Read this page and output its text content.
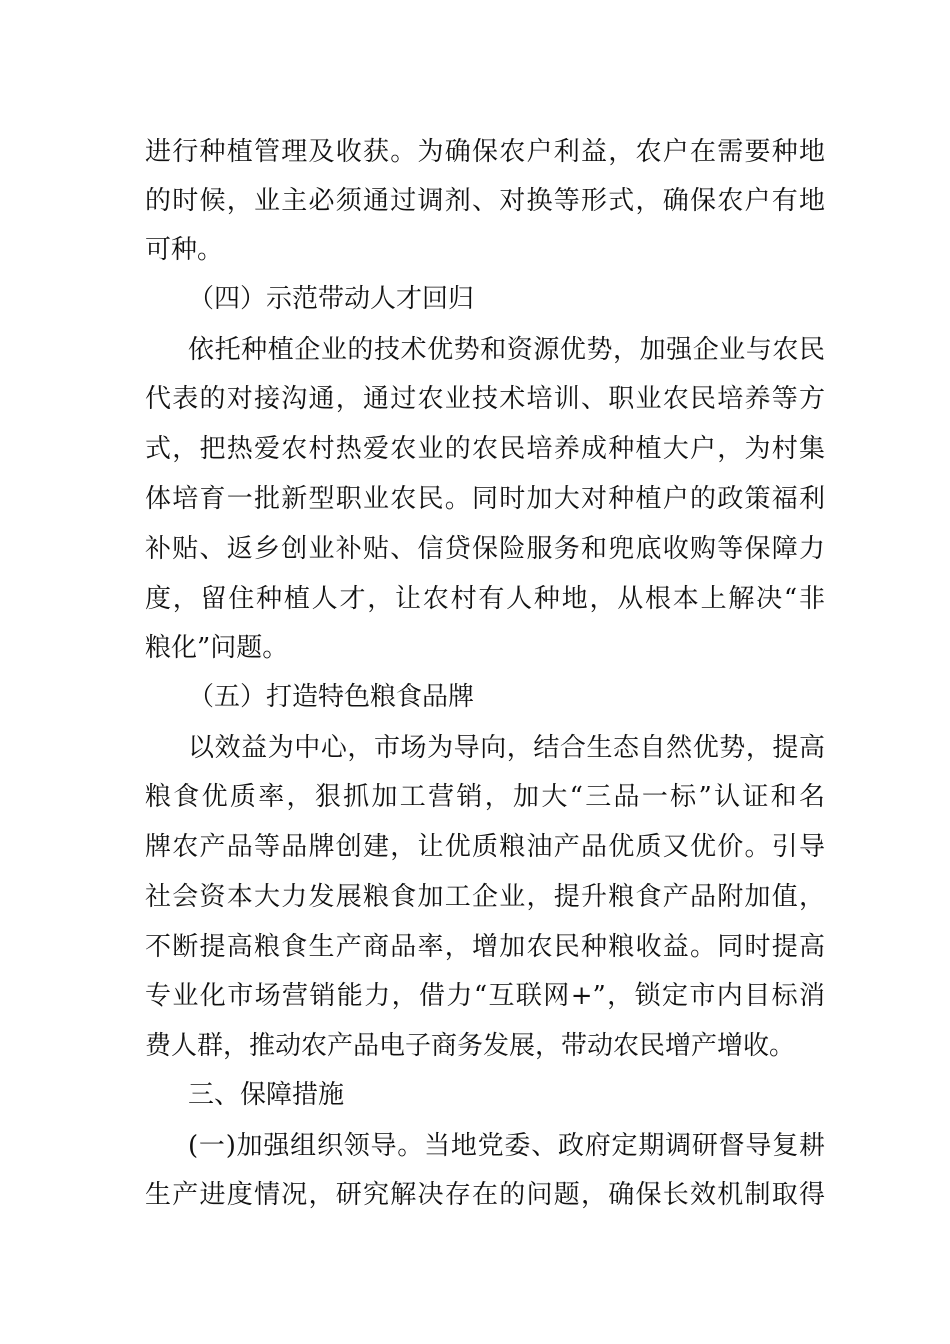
进行种植管理及收获。为确保农户利益，农户在需要种地
的时候，业主必须通过调剂、对换等形式，确保农户有地
可种。
（四）示范带动人才回归
依托种植企业的技术优势和资源优势，加强企业与农民
代表的对接沟通，通过农业技术培训、职业农民培养等方
式，把热爱农村热爱农业的农民培养成种植大户，为村集
体培育一批新型职业农民。同时加大对种植户的政策福利
补贴、返乡创业补贴、信贷保险服务和兜底收购等保障力
度，留住种植人才，让农村有人种地，从根本上解决“非
粮化”问题。
（五）打造特色粮食品牌
以效益为中心，市场为导向，结合生态自然优势，提高
粮食优质率，狠抓加工营销，加大“三品一标”认证和名
牌农产品等品牌创建，让优质粮油产品优质又优价。引导
社会资本大力发展粮食加工企业，提升粮食产品附加值，
不断提高粮食生产商品率，增加农民种粮收益。同时提高
专业化市场营销能力，借力“互联网+”，锁定市内目标消
费人群，推动农产品电子商务发展，带动农民增产增收。
三、保障措施
(一)加强组织领导。当地党委、政府定期调研督导复耕
生产进度情况，研究解决存在的问题，确保长效机制取得
